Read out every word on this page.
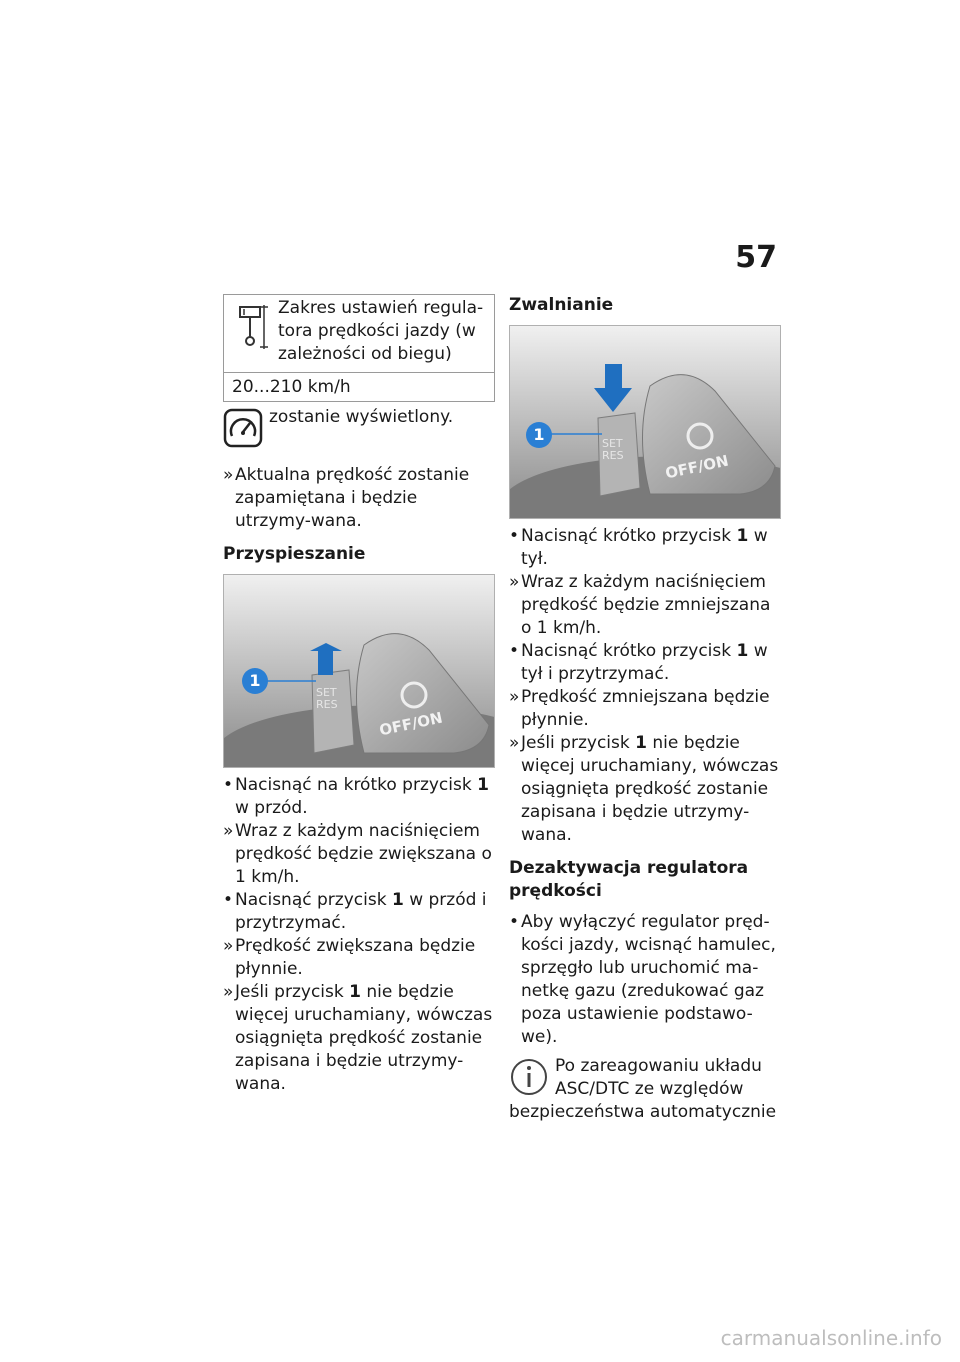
57
Zakres ustawień regula-tora prędkości jazdy (w zależności od biegu)
20...210 km/h
zostanie wyświetlony.

» Aktualna prędkość zostanie zapamiętana i będzie utrzymy-wana.

Przyspieszanie
1
SET RES
OFF/ON

• Nacisnąć na krótko przycisk 1 w przód.

» Wraz z każdym naciśnięciem prędkość będzie zwiększana o 1 km/h.

• Nacisnąć przycisk 1 w przód i przytrzymać.

» Prędkość zwiększana będzie płynnie.

» Jeśli przycisk 1 nie będzie więcej uruchamiany, wówczas osiągnięta prędkość zostanie zapisana i będzie utrzymy-wana.

Zwalnianie
1	SET RES	OFF/ON

• Nacisnąć krótko przycisk 1 w tył.

» Wraz z każdym naciśnięciem prędkość będzie zmniejszana o 1 km/h.

• Nacisnąć krótko przycisk 1 w tył i przytrzymać.

» Prędkość zmniejszana będzie płynnie.

» Jeśli przycisk 1 nie będzie więcej uruchamiany, wówczas osiągnięta prędkość zostanie zapisana i będzie utrzymy-wana.

Dezaktywacja regulatora prędkości

• Aby wyłączyć regulator pręd-kości jazdy, wcisnąć hamulec, sprzęgło lub uruchomić ma-netkę gazu (zredukować gaz poza ustawienie podstawo-we).

Po zareagowaniu układu ASC/DTC ze względów bezpieczeństwa automatycznie
carmanualsonline.info
